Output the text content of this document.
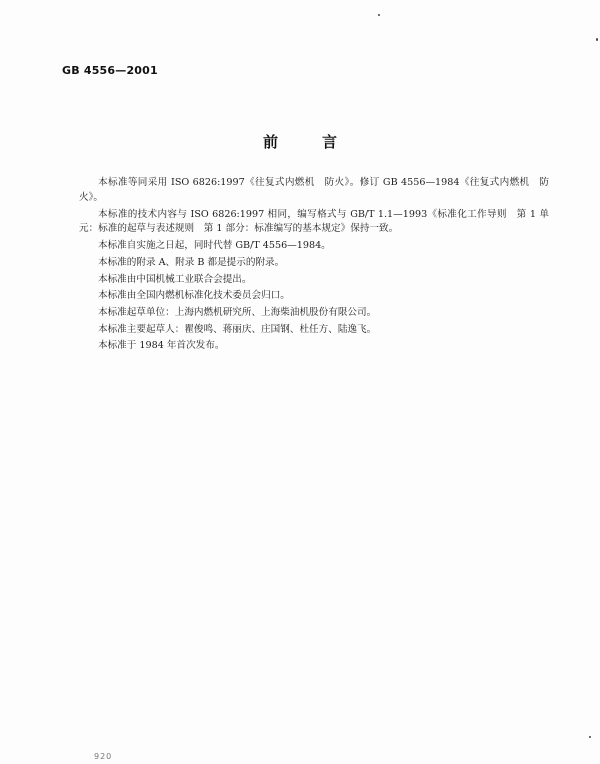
GB 4556—2001
前言

本标准等同采用 ISO 6826:1997《往复式内燃机　防火》。修订 GB 4556—1984《往复式内燃机　防火》。

本标准的技术内容与 ISO 6826:1997 相同，编写格式与 GB/T 1.1—1993《标准化工作导则　第 1 单元：标准的起草与表述规则　第 1 部分：标准编写的基本规定》保持一致。

本标准自实施之日起，同时代替 GB/T 4556—1984。

本标准的附录 A、附录 B 都是提示的附录。

本标准由中国机械工业联合会提出。

本标准由全国内燃机标准化技术委员会归口。

本标准起草单位：上海内燃机研究所、上海柴油机股份有限公司。

本标准主要起草人：瞿俊鸣、蒋丽庆、庄国钢、杜任方、陆逸飞。

本标准于 1984 年首次发布。

920
